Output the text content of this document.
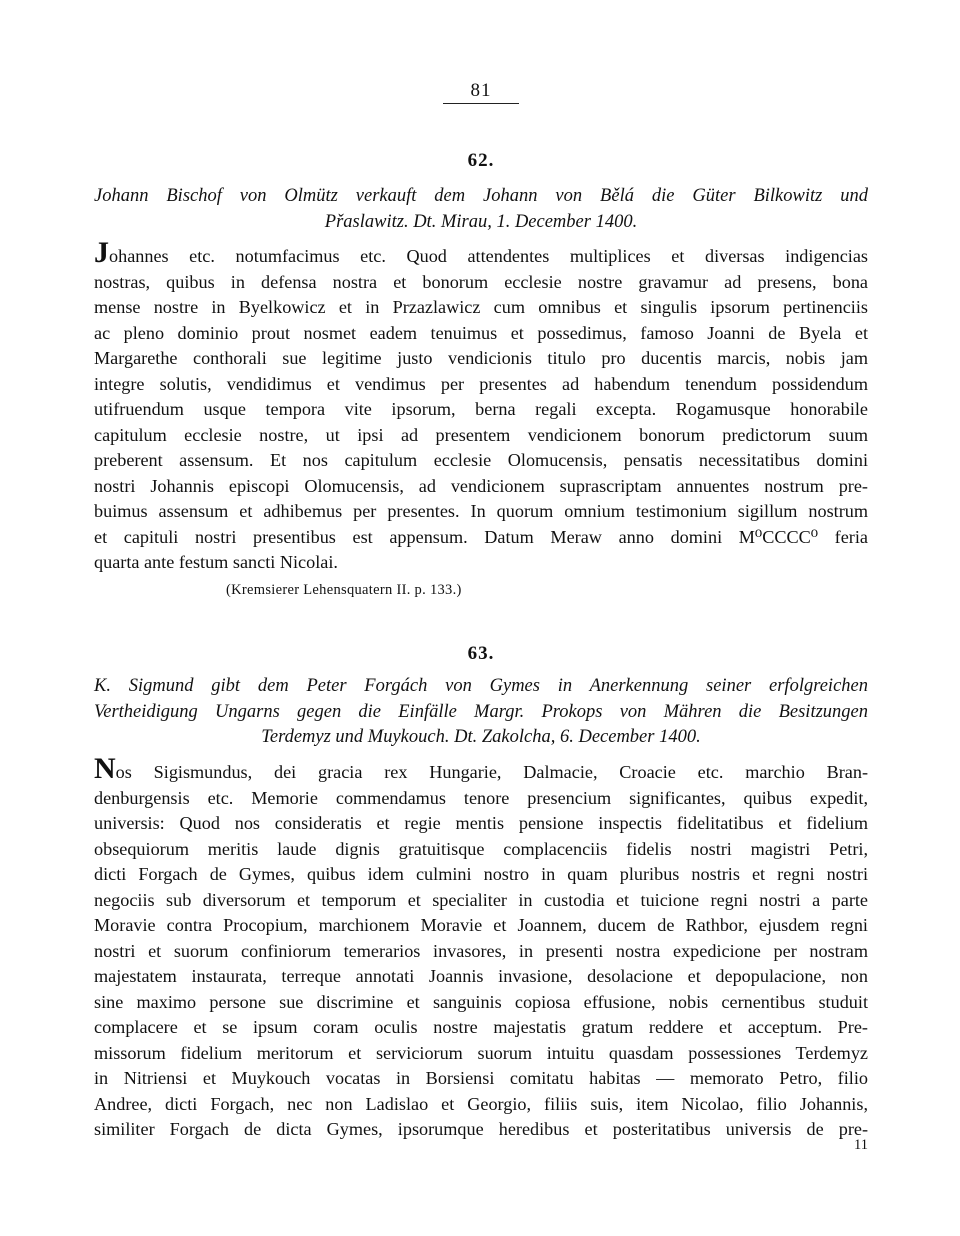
81
62.
Johann Bischof von Olmütz verkauft dem Johann von Bělá die Güter Bilkowitz und
Přaslawitz. Dt. Mirau, 1. December 1400.
Johannes etc. notumfacimus etc. Quod attendentes multiplices et diversas indigencias
nostras, quibus in defensa nostra et bonorum ecclesie nostre gravamur ad presens, bona
mense nostre in Byelkowicz et in Przazlawicz cum omnibus et singulis ipsorum pertinenciis
ac pleno dominio prout nosmet eadem tenuimus et possedimus, famoso Joanni de Byela et
Margarethe conthorali sue legitime justo vendicionis titulo pro ducentis marcis, nobis jam
integre solutis, vendidimus et vendimus per presentes ad habendum tenendum possidendum
utifruendum usque tempora vite ipsorum, berna regali excepta. Rogamusque honorabile
capitulum ecclesie nostre, ut ipsi ad presentem vendicionem bonorum predictorum suum
preberent assensum. Et nos capitulum ecclesie Olomucensis, pensatis necessitatibus domini
nostri Johannis episcopi Olomucensis, ad vendicionem suprascriptam annuentes nostrum pre-
buimus assensum et adhibemus per presentes. In quorum omnium testimonium sigillum nostrum
et capituli nostri presentibus est appensum. Datum Meraw anno domini M⁰CCCC⁰ feria
quarta ante festum sancti Nicolai.
(Kremsierer Lehensquatern II. p. 133.)
63.
K. Sigmund gibt dem Peter Forgách von Gymes in Anerkennung seiner erfolgreichen
Vertheidigung Ungarns gegen die Einfälle Margr. Prokops von Mähren die Besitzungen
Terdemyz und Muykouch. Dt. Zakolcha, 6. December 1400.
Nos Sigismundus, dei gracia rex Hungarie, Dalmacie, Croacie etc. marchio Bran-
denburgensis etc. Memorie commendamus tenore presencium significantes, quibus expedit,
universis: Quod nos consideratis et regie mentis pensione inspectis fidelitatibus et fidelium
obsequiorum meritis laude dignis gratuitisque complacenciis fidelis nostri magistri Petri,
dicti Forgach de Gymes, quibus idem culmini nostro in quam pluribus nostris et regni nostri
negociis sub diversorum et temporum et specialiter in custodia et tuicione regni nostri a parte
Moravie contra Procopium, marchionem Moravie et Joannem, ducem de Rathbor, ejusdem regni
nostri et suorum confiniorum temerarios invasores, in presenti nostra expedicione per nostram
majestatem instaurata, terreque annotati Joannis invasione, desolacione et depopulacione, non
sine maximo persone sue discrimine et sanguinis copiosa effusione, nobis cernentibus studuit
complacere et se ipsum coram oculis nostre majestatis gratum reddere et acceptum. Pre-
missorum fidelium meritorum et serviciorum suorum intuitu quasdam possessiones Terdemyz
in Nitriensi et Muykouch vocatas in Borsiensi comitatu habitas — memorato Petro, filio
Andree, dicti Forgach, nec non Ladislao et Georgio, filiis suis, item Nicolao, filio Johannis,
similiter Forgach de dicta Gymes, ipsorumque heredibus et posteritatibus universis de pre-
11
